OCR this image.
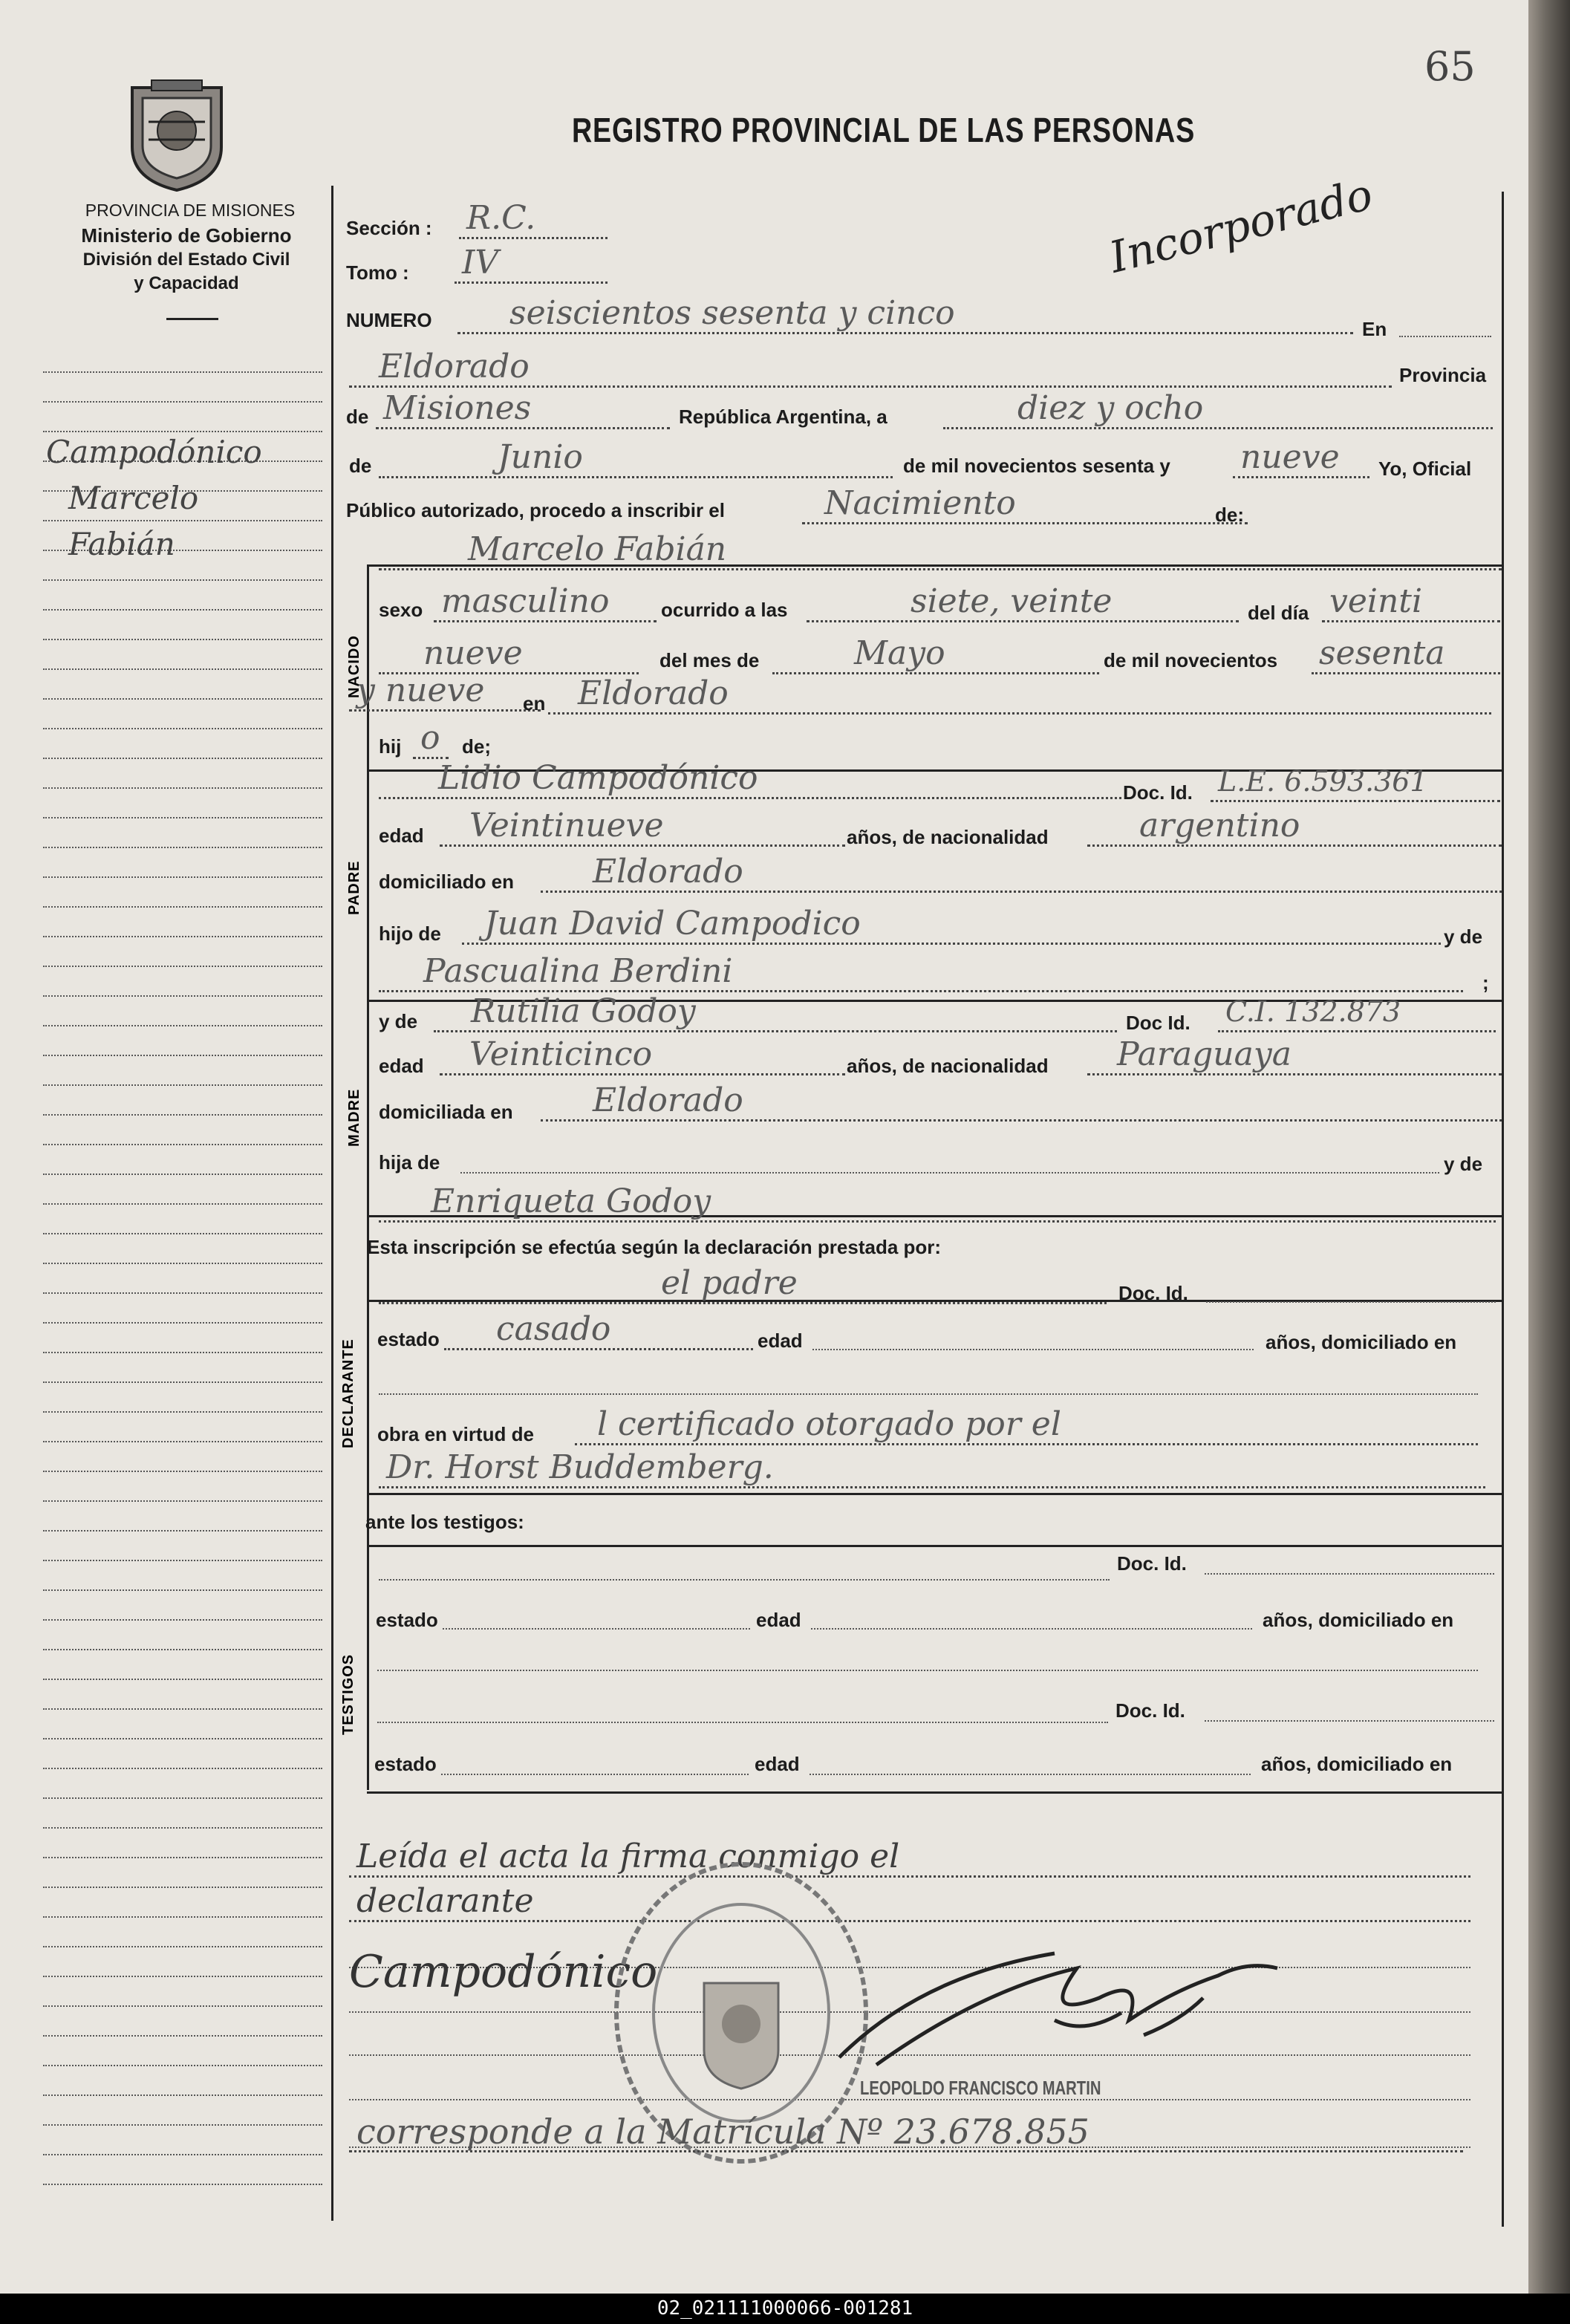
65
PROVINCIA DE MISIONES
Ministerio de Gobierno
División del Estado Civil
y Capacidad
REGISTRO PROVINCIAL DE LAS PERSONAS
Incorporado
Campodónico
Marcelo
Fabián
Sección : R.C.
Tomo : IV
NUMERO	seiscientos sesenta y cinco	En
Eldorado	Provincia
de Misiones	República Argentina, a	diez y ocho
de	Junio	de mil novecientos sesenta y nueve Yo, Oficial
Público autorizado, procedo a inscribir el	Nacimiento	de:
NACIDO
PADRE
MADRE
DECLARANTE
TESTIGOS
Marcelo Fabián
sexo masculino	ocurrido a las	siete, veinte	del día veinti
nueve	del mes de	Mayo	de mil novecientos sesenta
y nueve en Eldorado
hij o de;
Lidio Campodónico	Doc. Id. L.E. 6.593.361
edad	Veintinueve	años, de nacionalidad	argentino
domiciliado en	Eldorado
hijo de	Juan David Campodico	y de
Pascualina Berdini	;
y de	Rutilia Godoy	Doc Id. C.I. 132.873
edad	Veinticinco	años, de nacionalidad	Paraguaya
domiciliada en	Eldorado
hija de	y de
Enriqueta Godoy
Esta inscripción se efectúa según la declaración prestada por:
el padre	Doc. Id.
estado	casado	edad	años, domiciliado en
obra en virtud de	l certificado otorgado por el
Dr. Horst Buddemberg.
ante los testigos:
Doc. Id.
estado	edad	años, domiciliado en
Doc. Id.
estado	edad	años, domiciliado en
Leída el acta la firma conmigo el
declarante
Campodónico
LEOPOLDO FRANCISCO MARTIN
corresponde a la Matrícula Nº 23.678.855
02_021111000066-001281
